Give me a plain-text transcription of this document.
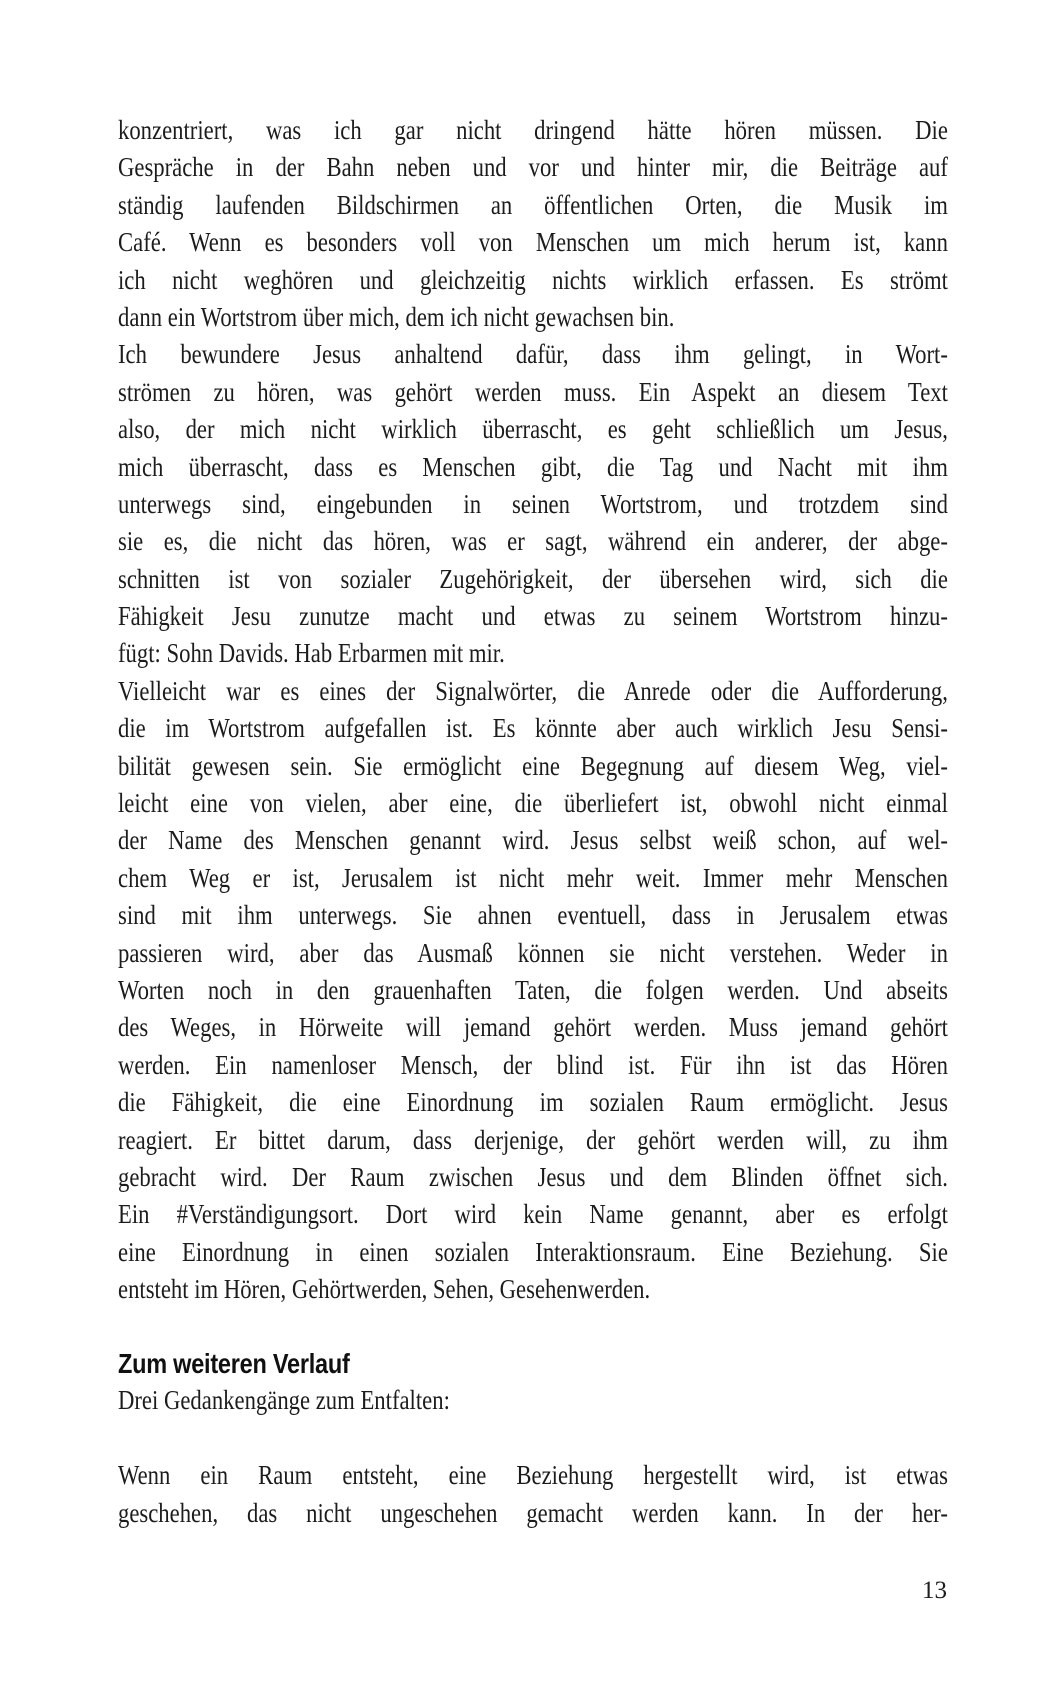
konzentriert, was ich gar nicht dringend hätte hören müssen. Die
Gespräche in der Bahn neben und vor und hinter mir, die Beiträge auf
ständig laufenden Bildschirmen an öffentlichen Orten, die Musik im
Café. Wenn es besonders voll von Menschen um mich herum ist, kann
ich nicht weghören und gleichzeitig nichts wirklich erfassen. Es strömt
dann ein Wortstrom über mich, dem ich nicht gewachsen bin.
Ich bewundere Jesus anhaltend dafür, dass ihm gelingt, in Wort-
strömen zu hören, was gehört werden muss. Ein Aspekt an diesem Text
also, der mich nicht wirklich überrascht, es geht schließlich um Jesus,
mich überrascht, dass es Menschen gibt, die Tag und Nacht mit ihm
unterwegs sind, eingebunden in seinen Wortstrom, und trotzdem sind
sie es, die nicht das hören, was er sagt, während ein anderer, der abge-
schnitten ist von sozialer Zugehörigkeit, der übersehen wird, sich die
Fähigkeit Jesu zunutze macht und etwas zu seinem Wortstrom hinzu-
fügt: Sohn Davids. Hab Erbarmen mit mir.
Vielleicht war es eines der Signalwörter, die Anrede oder die Aufforderung,
die im Wortstrom aufgefallen ist. Es könnte aber auch wirklich Jesu Sensi-
bilität gewesen sein. Sie ermöglicht eine Begegnung auf diesem Weg, viel-
leicht eine von vielen, aber eine, die überliefert ist, obwohl nicht einmal
der Name des Menschen genannt wird. Jesus selbst weiß schon, auf wel-
chem Weg er ist, Jerusalem ist nicht mehr weit. Immer mehr Menschen
sind mit ihm unterwegs. Sie ahnen eventuell, dass in Jerusalem etwas
passieren wird, aber das Ausmaß können sie nicht verstehen. Weder in
Worten noch in den grauenhaften Taten, die folgen werden. Und abseits
des Weges, in Hörweite will jemand gehört werden. Muss jemand gehört
werden. Ein namenloser Mensch, der blind ist. Für ihn ist das Hören
die Fähigkeit, die eine Einordnung im sozialen Raum ermöglicht. Jesus
reagiert. Er bittet darum, dass derjenige, der gehört werden will, zu ihm
gebracht wird. Der Raum zwischen Jesus und dem Blinden öffnet sich.
Ein #Verständigungsort. Dort wird kein Name genannt, aber es erfolgt
eine Einordnung in einen sozialen Interaktionsraum. Eine Beziehung. Sie
entsteht im Hören, Gehörtwerden, Sehen, Gesehenwerden.
Zum weiteren Verlauf
Drei Gedankengänge zum Entfalten:
Wenn ein Raum entsteht, eine Beziehung hergestellt wird, ist etwas
geschehen, das nicht ungeschehen gemacht werden kann. In der her-
13
